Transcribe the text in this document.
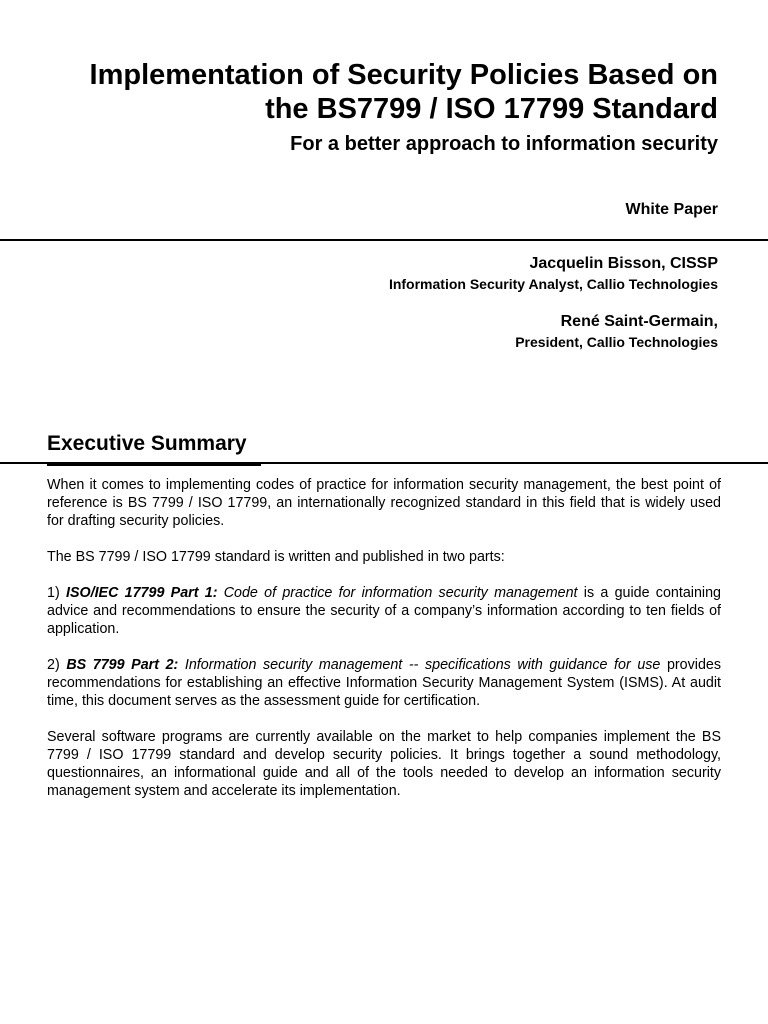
Implementation of Security Policies Based on
the BS7799 / ISO 17799 Standard
For a better approach to information security
White Paper
Jacquelin Bisson, CISSP
Information Security Analyst, Callio Technologies
René Saint-Germain,
President, Callio Technologies
Executive Summary

When it comes to implementing codes of practice for information security management, the best point of reference is BS 7799 / ISO 17799, an internationally recognized standard in this field that is widely used for drafting security policies.

The BS 7799 / ISO 17799 standard is written and published in two parts:

1) ISO/IEC 17799 Part 1: Code of practice for information security management is a guide containing advice and recommendations to ensure the security of a company’s information according to ten fields of application.

2) BS 7799 Part 2: Information security management -- specifications with guidance for use provides recommendations for establishing an effective Information Security Management System (ISMS). At audit time, this document serves as the assessment guide for certification.

Several software programs are currently available on the market to help companies implement the BS 7799 / ISO 17799 standard and develop security policies. It brings together a sound methodology, questionnaires, an informational guide and all of the tools needed to develop an information security management system and accelerate its implementation.
